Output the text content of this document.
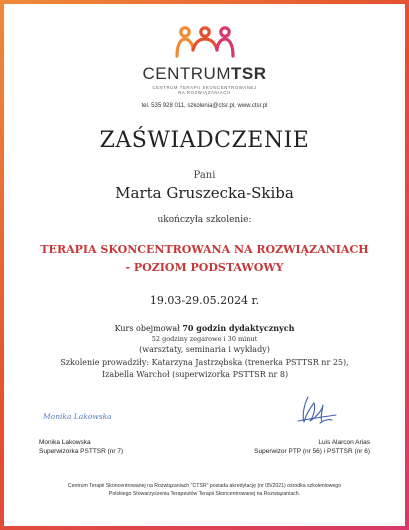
CENTRUMTSR
CENTRUM TERAPII SKONCENTROWANEJ
NA ROZWIĄZANIACH
tel. 535 928 011, szkolenia@ctsr.pl, www.ctsr.pl
ZAŚWIADCZENIE
Pani
Marta Gruszecka-Skiba
ukończyła szkolenie:
TERAPIA SKONCENTROWANA NA ROZWIĄZANIACH
- POZIOM PODSTAWOWY
19.03-29.05.2024 r.
Kurs obejmował 70 godzin dydaktycznych
52 godziny zegarowe i 30 minut
(warsztaty, seminaria i wykłady)
Szkolenie prowadziły: Katarzyna Jastrzębska (trenerka PSTTSR nr 25),
Izabella Warchoł (superwizorka PSTTSR nr 8)
Monika Lakowska
Monika Lakowska
Superwizorka PSTTSR (nr 7)
Luis Alarcon Arias
Superwizor PTP (nr 56) i PSTTSR (nr 6)
Centrum Terapii Skoncentrowanej na Rozwiązaniach "CTSR" posiada akredytację (nr 05/2021) ośrodka szkoleniowego
Polskiego Stowarzyszenia Terapeutów Terapii Skoncentrowanej na Rozwiązaniach.
